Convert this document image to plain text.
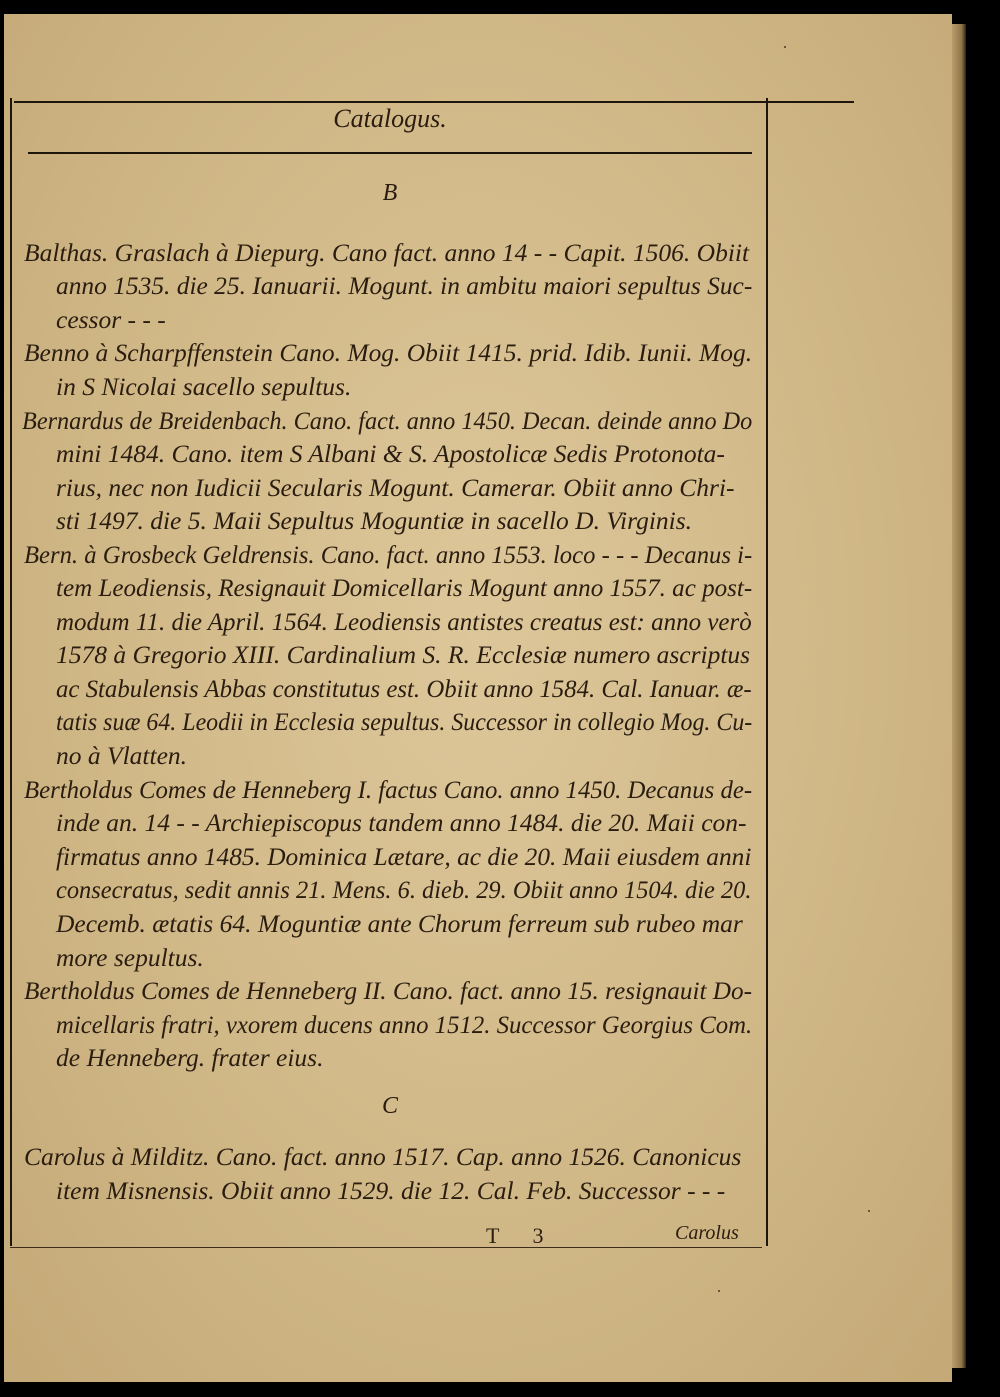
Catalogus.
B
Balthas. Graslach à Diepurg. Cano fact. anno 14 - - Capit. 1506. Obiit
anno 1535. die 25. Ianuarii. Mogunt. in ambitu maiori sepultus Suc-
cessor - - -
Benno à Scharpffenstein Cano. Mog. Obiit 1415. prid. Idib. Iunii. Mog.
in S Nicolai sacello sepultus.
Bernardus de Breidenbach. Cano. fact. anno 1450. Decan. deinde anno Do
mini 1484. Cano. item S Albani & S. Apostolicæ Sedis Protonota-
rius, nec non Iudicii Secularis Mogunt. Camerar. Obiit anno Chri-
sti 1497. die 5. Maii Sepultus Moguntiæ in sacello D. Virginis.
Bern. à Grosbeck Geldrensis. Cano. fact. anno 1553. loco - - - Decanus i-
tem Leodiensis, Resignauit Domicellaris Mogunt anno 1557. ac post-
modum 11. die April. 1564. Leodiensis antistes creatus est: anno verò
1578 à Gregorio XIII. Cardinalium S. R. Ecclesiæ numero ascriptus
ac Stabulensis Abbas constitutus est. Obiit anno 1584. Cal. Ianuar. æ-
tatis suæ 64. Leodii in Ecclesia sepultus. Successor in collegio Mog. Cu-
no à Vlatten.
Bertholdus Comes de Henneberg I. factus Cano. anno 1450. Decanus de-
inde an. 14 - - Archiepiscopus tandem anno 1484. die 20. Maii con-
firmatus anno 1485. Dominica Lætare, ac die 20. Maii eiusdem anni
consecratus, sedit annis 21. Mens. 6. dieb. 29. Obiit anno 1504. die 20.
Decemb. ætatis 64. Moguntiæ ante Chorum ferreum sub rubeo mar
more sepultus.
Bertholdus Comes de Henneberg II. Cano. fact. anno 15. resignauit Do-
micellaris fratri, vxorem ducens anno 1512. Successor Georgius Com.
de Henneberg. frater eius.
C
Carolus à Milditz. Cano. fact. anno 1517. Cap. anno 1526. Canonicus
item Misnensis. Obiit anno 1529. die 12. Cal. Feb. Successor - - -
T 3	Carolus
